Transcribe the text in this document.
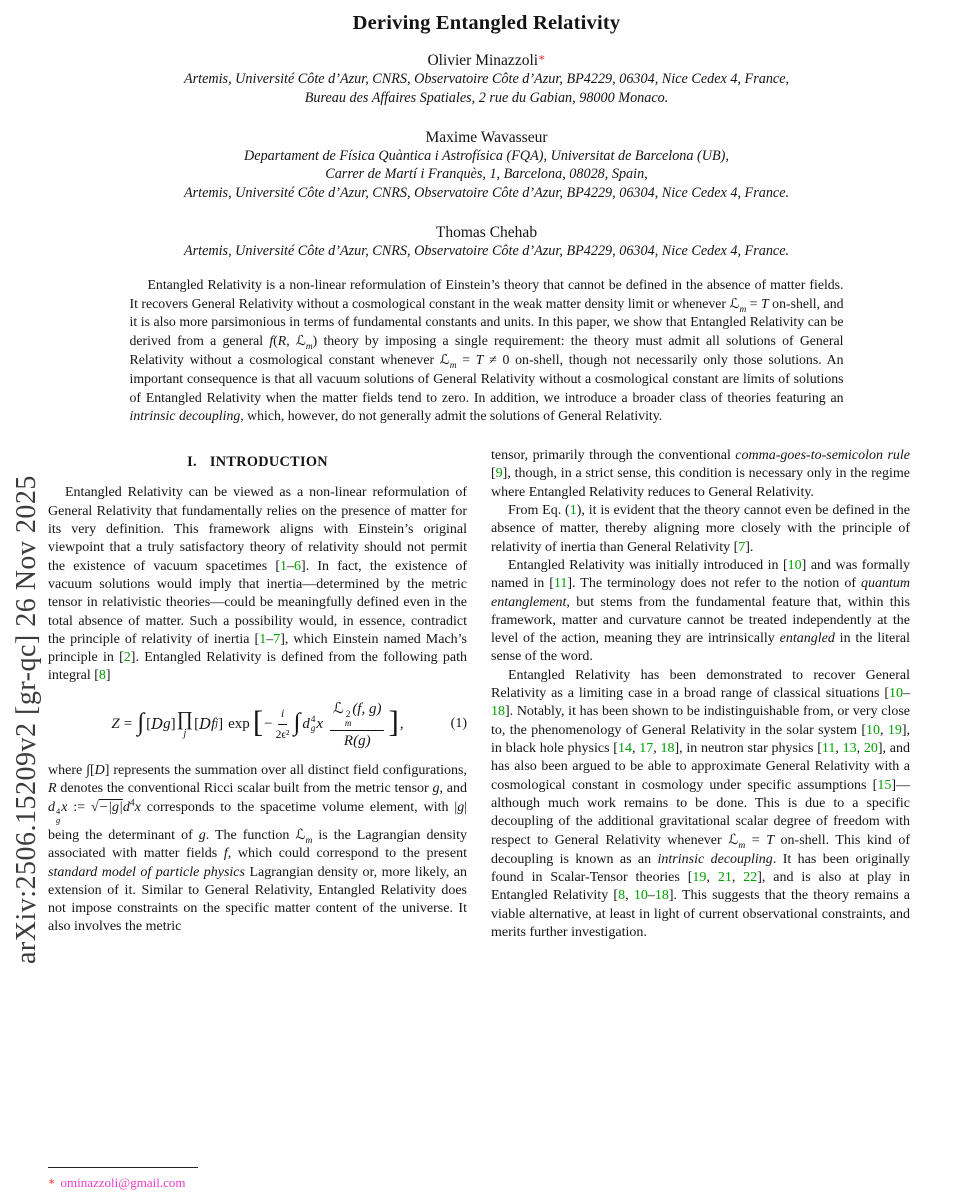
arXiv:2506.15209v2 [gr-qc] 26 Nov 2025
Deriving Entangled Relativity
Olivier Minazzoli∗
Artemis, Université Côte d’Azur, CNRS, Observatoire Côte d’Azur, BP4229, 06304, Nice Cedex 4, France,
Bureau des Affaires Spatiales, 2 rue du Gabian, 98000 Monaco.
Maxime Wavasseur
Departament de Física Quàntica i Astrofísica (FQA), Universitat de Barcelona (UB),
Carrer de Martí i Franquès, 1, Barcelona, 08028, Spain,
Artemis, Université Côte d’Azur, CNRS, Observatoire Côte d’Azur, BP4229, 06304, Nice Cedex 4, France.
Thomas Chehab
Artemis, Université Côte d’Azur, CNRS, Observatoire Côte d’Azur, BP4229, 06304, Nice Cedex 4, France.

Entangled Relativity is a non-linear reformulation of Einstein’s theory that cannot be defined in the absence of matter fields. It recovers General Relativity without a cosmological constant in the weak matter density limit or whenever ℒ$_m$ = T on-shell, and it is also more parsimonious in terms of fundamental constants and units. In this paper, we show that Entangled Relativity can be derived from a general f(R, ℒ$_m$) theory by imposing a single requirement: the theory must admit all solutions of General Relativity without a cosmological constant whenever ℒ$_m$ = T ≠ 0 on-shell, though not necessarily only those solutions. An important consequence is that all vacuum solutions of General Relativity without a cosmological constant are limits of solutions of Entangled Relativity when the matter fields tend to zero. In addition, we introduce a broader class of theories featuring an intrinsic decoupling, which, however, do not generally admit the solutions of General Relativity.

I. INTRODUCTION

Entangled Relativity can be viewed as a non-linear reformulation of General Relativity that fundamentally relies on the presence of matter for its very definition. This framework aligns with Einstein’s original viewpoint that a truly satisfactory theory of relativity should not permit the existence of vacuum spacetimes [1–6]. In fact, the existence of vacuum solutions would imply that inertia—determined by the metric tensor in relativistic theories—could be meaningfully defined even in the total absence of matter. Such a possibility would, in essence, contradict the principle of relativity of inertia [1–7], which Einstein named Mach’s principle in [2]. Entangled Relativity is defined from the following path integral [8]

Z = ∫ [ D g ] ∏
j
[ D f j ] exp [ − $\frac{i}{\text{2ϵ²}}$ ∫ d 4
g x ℒ 2
m
(f, g)
R(g) ] ,	(1)

where ∫[D] represents the summation over all distinct field configurations, R denotes the conventional Ricci scalar built from the metric tensor g, and d 4
g
x := $√-|g|d^4x$ corresponds to the spacetime volume element, with |g| being the determinant of g. The function ℒ$_m$ is the Lagrangian density associated with matter fields f, which could correspond to the present standard model of particle physics Lagrangian density or, more likely, an extension of it. Similar to General Relativity, Entangled Relativity does not impose constraints on the specific matter content of the universe. It also involves the metric

tensor, primarily through the conventional comma-goes-to-semicolon rule [9], though, in a strict sense, this condition is necessary only in the regime where Entangled Relativity reduces to General Relativity.

From Eq. (1), it is evident that the theory cannot even be defined in the absence of matter, thereby aligning more closely with the principle of relativity of inertia than General Relativity [7].

Entangled Relativity was initially introduced in [10] and was formally named in [11]. The terminology does not refer to the notion of quantum entanglement, but stems from the fundamental feature that, within this framework, matter and curvature cannot be treated independently at the level of the action, meaning they are intrinsically entangled in the literal sense of the word.

Entangled Relativity has been demonstrated to recover General Relativity as a limiting case in a broad range of classical situations [10–18]. Notably, it has been shown to be indistinguishable from, or very close to, the phenomenology of General Relativity in the solar system [10, 19], in black hole physics [14, 17, 18], in neutron star physics [11, 13, 20], and has also been argued to be able to approximate General Relativity with a cosmological constant in cosmology under specific assumptions [15]—although much work remains to be done. This is due to a specific decoupling of the additional gravitational scalar degree of freedom with respect to General Relativity whenever ℒ$_m$ = T on-shell. This kind of decoupling is known as an intrinsic decoupling. It has been originally found in Scalar-Tensor theories [19, 21, 22], and is also at play in Entangled Relativity [8, 10–18]. This suggests that the theory remains a viable alternative, at least in light of current observational constraints, and merits further investigation.

∗ ominazzoli@gmail.com
